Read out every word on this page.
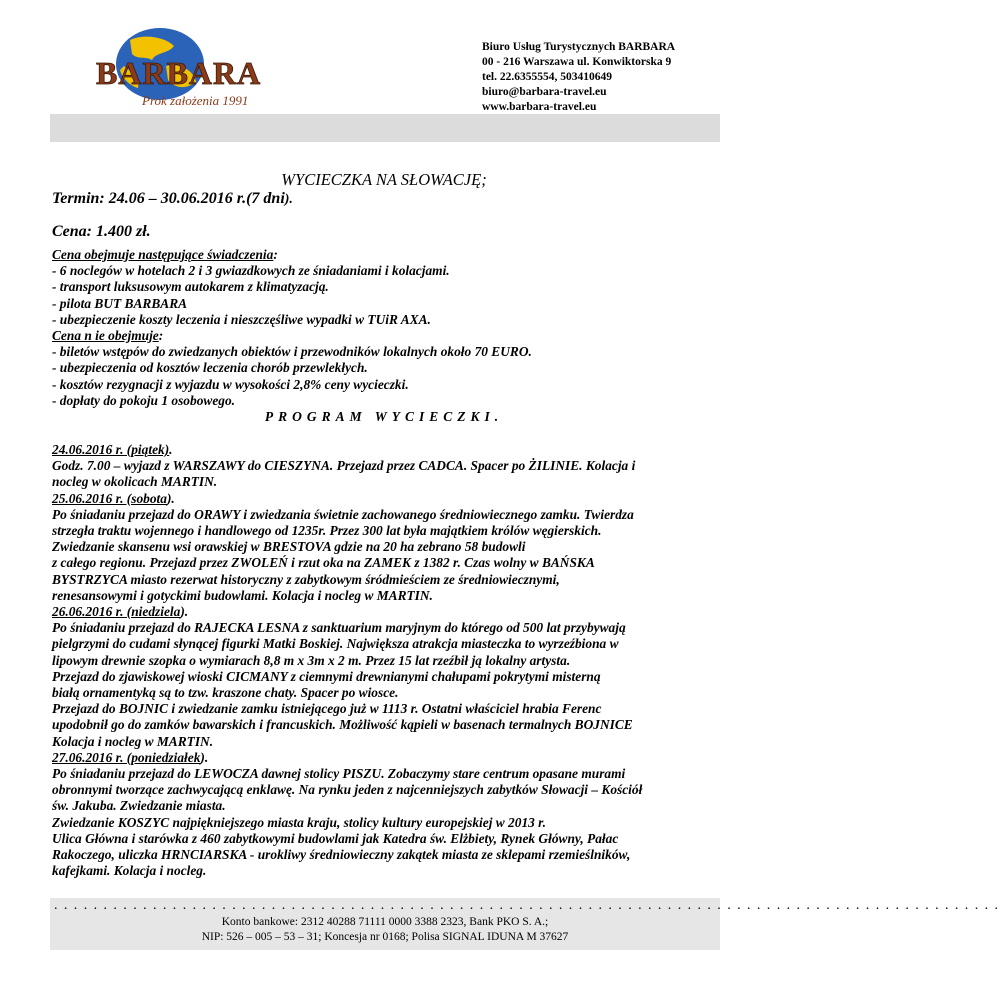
BARBARA
Prok założenia 1991
Biuro Usług Turystycznych BARBARA
00 - 216 Warszawa ul. Konwiktorska 9
tel. 22.6355554, 503410649
biuro@barbara-travel.eu
www.barbara-travel.eu
WYCIECZKA NA SŁOWACJĘ;
Termin: 24.06 – 30.06.2016 r.(7 dni).
Cena: 1.400 zł.

Cena obejmuje następujące świadczenia:

- 6 noclegów w hotelach 2 i 3 gwiazdkowych ze śniadaniami i kolacjami.

- transport luksusowym autokarem z klimatyzacją.

- pilota BUT BARBARA

- ubezpieczenie koszty leczenia i nieszczęśliwe wypadki w TUiR AXA.

Cena n ie obejmuje:

- biletów wstępów do zwiedzanych obiektów i przewodników lokalnych około 70 EURO.

- ubezpieczenia od kosztów leczenia chorób przewlekłych.

- kosztów rezygnacji z wyjazdu w wysokości 2,8% ceny wycieczki.

- dopłaty do pokoju 1 osobowego.

PROGRAM WYCIECZKI.

24.06.2016 r. (piątek).

Godz. 7.00 – wyjazd z WARSZAWY do CIESZYNA. Przejazd przez CADCA. Spacer po ŻILINIE. Kolacja i

nocleg w okolicach MARTIN.

25.06.2016 r. (sobota).

Po śniadaniu przejazd do ORAWY i zwiedzania świetnie zachowanego średniowiecznego zamku. Twierdza

strzegła traktu wojennego i handlowego od 1235r. Przez 300 lat była majątkiem królów węgierskich.

Zwiedzanie skansenu wsi orawskiej w BRESTOVA gdzie na 20 ha zebrano 58 budowli

z całego regionu. Przejazd przez ZWOLEŃ i rzut oka na ZAMEK z 1382 r. Czas wolny w BAŃSKA

BYSTRZYCA miasto rezerwat historyczny z zabytkowym śródmieściem ze średniowiecznymi,

renesansowymi i gotyckimi budowlami. Kolacja i nocleg w MARTIN.

26.06.2016 r. (niedziela).

Po śniadaniu przejazd do RAJECKA LESNA z sanktuarium maryjnym do którego od 500 lat przybywają

pielgrzymi do cudami słynącej figurki Matki Boskiej. Największa atrakcja miasteczka to wyrzeźbiona w

lipowym drewnie szopka o wymiarach 8,8 m x 3m x 2 m. Przez 15 lat rzeźbił ją lokalny artysta.

Przejazd do zjawiskowej wioski CICMANY z ciemnymi drewnianymi chałupami pokrytymi misterną

białą ornamentyką są to tzw. kraszone chaty. Spacer po wiosce.

Przejazd do BOJNIC i zwiedzanie zamku istniejącego już w 1113 r. Ostatni właściciel hrabia Ferenc

upodobnił go do zamków bawarskich i francuskich. Możliwość kąpieli w basenach termalnych BOJNICE

Kolacja i nocleg w MARTIN.

27.06.2016 r. (poniedziałek).

Po śniadaniu przejazd do LEWOCZA dawnej stolicy PISZU. Zobaczymy stare centrum opasane murami

obronnymi tworzące zachwycającą enklawę. Na rynku jeden z najcenniejszych zabytków Słowacji – Kościół

św. Jakuba. Zwiedzanie miasta.

Zwiedzanie KOSZYC najpiękniejszego miasta kraju, stolicy kultury europejskiej w 2013 r.

Ulica Główna i starówka z 460 zabytkowymi budowlami jak Katedra św. Elżbiety, Rynek Główny, Pałac

Rakoczego, uliczka HRNCIARSKA - urokliwy średniowieczny zakątek miasta ze sklepami rzemieślników,

kafejkami. Kolacja i nocleg.

................................................................................................
Konto bankowe: 2312 40288 71111 0000 3388 2323, Bank PKO S. A.;
NIP: 526 – 005 – 53 – 31; Koncesja nr 0168; Polisa SIGNAL IDUNA M 37627
